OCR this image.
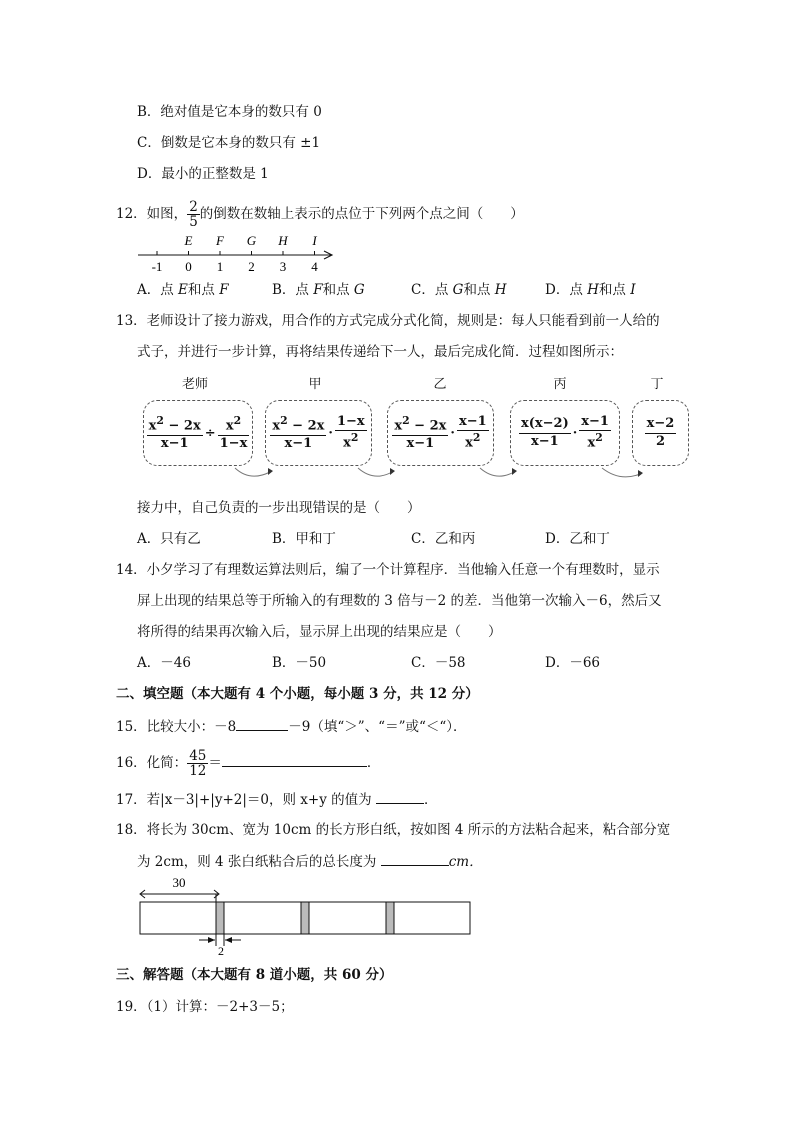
B．绝对值是它本身的数只有 0
C．倒数是它本身的数只有 ±1
D．最小的正整数是 1
12．如图， $\frac{2}{5}$ 的倒数在数轴上表示的点位于下列两个点之间（　　）
E F G H I
-1 0 1 2 3 4
A．点 E和点 F	B．点 F和点 G	C．点 G和点 H	D．点 H和点 I
13．老师设计了接力游戏，用合作的方式完成分式化简，规则是：每人只能看到前一人给的
式子，并进行一步计算，再将结果传递给下一人，最后完成化简．过程如图所示：
老师	甲	乙	丙	丁
$\frac{x^2 - 2x}{x-1} \div \frac{x^2}{1-x} \frac{x^2 - 2x}{x-1} \cdot \frac{1-x}{x^2} \frac{x^2 - 2x}{x-1} \cdot \frac{x-1}{x^2} \frac{x(x-2)}{x-1} \cdot \frac{x-1}{x^2}$	$\frac{x-2}{2}$
接力中，自己负责的一步出现错误的是（　　）
A．只有乙	B．甲和丁	C．乙和丙	D．乙和丁
14．小夕学习了有理数运算法则后，编了一个计算程序．当他输入任意一个有理数时，显示
屏上出现的结果总等于所输入的有理数的 3 倍与－2 的差．当他第一次输入－6，然后又
将所得的结果再次输入后，显示屏上出现的结果应是（　　）
A．－46	B．－50	C．－58	D．－66
二、填空题（本大题有 4 个小题，每小题 3 分，共 12 分）
15．比较大小：－8	－9（填“＞”、“＝”或“＜“）．
16．化简： $\frac{45}{12}$ ＝	．
17．若|x－3|+|y+2|＝0，则 x+y 的值为	．
18．将长为 30cm、宽为 10cm 的长方形白纸，按如图 4 所示的方法粘合起来，粘合部分宽
为 2cm，则 4 张白纸粘合后的总长度为	cm．
30
2
三、解答题（本大题有 8 道小题，共 60 分）
19．（1）计算：－2+3－5；
